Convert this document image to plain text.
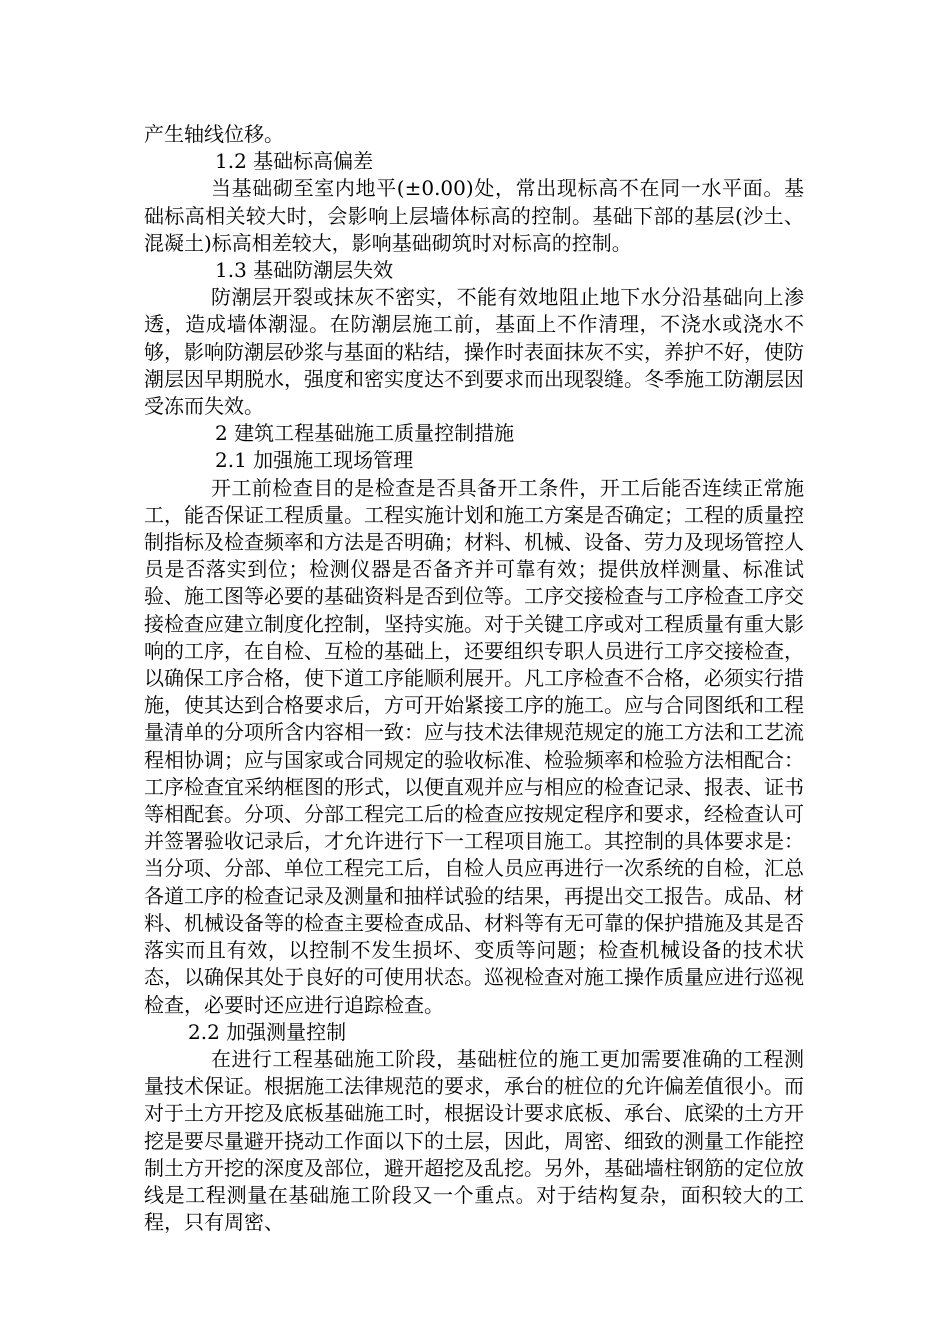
产生轴线位移。

1.2 基础标高偏差

当基础砌至室内地平(±0.00)处，常出现标高不在同一水平面。基础标高相关较大时，会影响上层墙体标高的控制。基础下部的基层(沙土、混凝土)标高相差较大，影响基础砌筑时对标高的控制。

1.3 基础防潮层失效

防潮层开裂或抹灰不密实，不能有效地阻止地下水分沿基础向上渗透，造成墙体潮湿。在防潮层施工前，基面上不作清理，不浇水或浇水不够，影响防潮层砂浆与基面的粘结，操作时表面抹灰不实，养护不好，使防潮层因早期脱水，强度和密实度达不到要求而出现裂缝。冬季施工防潮层因受冻而失效。

2 建筑工程基础施工质量控制措施

2.1 加强施工现场管理

开工前检查目的是检查是否具备开工条件，开工后能否连续正常施工，能否保证工程质量。工程实施计划和施工方案是否确定；工程的质量控制指标及检查频率和方法是否明确；材料、机械、设备、劳力及现场管控人员是否落实到位；检测仪器是否备齐并可靠有效；提供放样测量、标准试验、施工图等必要的基础资料是否到位等。工序交接检查与工序检查工序交接检查应建立制度化控制，坚持实施。对于关键工序或对工程质量有重大影响的工序，在自检、互检的基础上，还要组织专职人员进行工序交接检查，以确保工序合格，使下道工序能顺利展开。凡工序检查不合格，必须实行措施，使其达到合格要求后，方可开始紧接工序的施工。应与合同图纸和工程量清单的分项所含内容相一致：应与技术法律规范规定的施工方法和工艺流程相协调；应与国家或合同规定的验收标准、检验频率和检验方法相配合：工序检查宜采纳框图的形式，以便直观并应与相应的检查记录、报表、证书等相配套。分项、分部工程完工后的检查应按规定程序和要求，经检查认可并签署验收记录后，才允许进行下一工程项目施工。其控制的具体要求是：当分项、分部、单位工程完工后，自检人员应再进行一次系统的自检，汇总各道工序的检查记录及测量和抽样试验的结果，再提出交工报告。成品、材料、机械设备等的检查主要检查成品、材料等有无可靠的保护措施及其是否落实而且有效，以控制不发生损坏、变质等问题；检查机械设备的技术状态，以确保其处于良好的可使用状态。巡视检查对施工操作质量应进行巡视检查，必要时还应进行追踪检查。

2.2 加强测量控制

在进行工程基础施工阶段，基础桩位的施工更加需要准确的工程测量技术保证。根据施工法律规范的要求，承台的桩位的允许偏差值很小。而对于土方开挖及底板基础施工时，根据设计要求底板、承台、底梁的土方开挖是要尽量避开挠动工作面以下的土层，因此，周密、细致的测量工作能控制土方开挖的深度及部位，避开超挖及乱挖。另外，基础墙柱钢筋的定位放线是工程测量在基础施工阶段又一个重点。对于结构复杂，面积较大的工程，只有周密、
